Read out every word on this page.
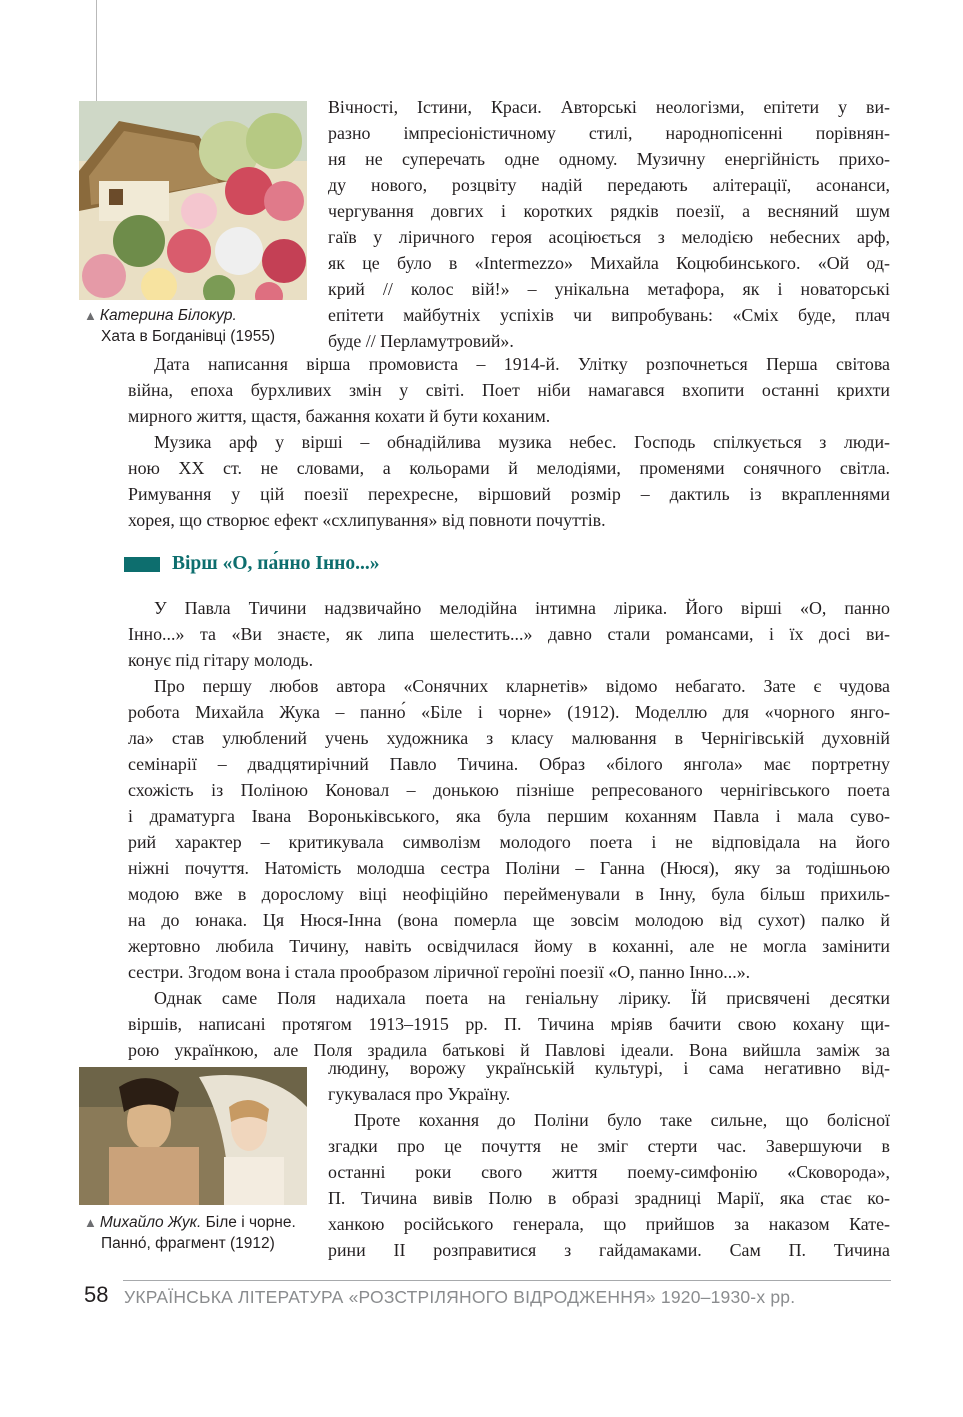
▲ Катерина Білокур.
Хата в Богданівці (1955)
Вічності, Істини, Краси. Авторські неологізми, епітети у ви-
разно імпресіоністичному стилі, народнопісенні порівнян-
ня не суперечать одне одному. Музичну енергійність прихо-
ду нового, розцвіту надій передають алітерації, асонанси,
чергування довгих і коротких рядків поезії, а весняний шум
гаїв у ліричного героя асоціюється з мелодією небесних арф,
як це було в «Intermezzo» Михайла Коцюбинського. «Ой од-
крий // колос вій!» – унікальна метафора, як і новаторські
епітети майбутніх успіхів чи випробувань: «Сміх буде, плач
буде // Перламутровий».
Дата написання вірша промовиста – 1914-й. Улітку розпочнеться Перша світова
війна, епоха бурхливих змін у світі. Поет ніби намагався вхопити останні крихти
мирного життя, щастя, бажання кохати й бути коханим.
Музика арф у вірші – обнадійлива музика небес. Господь спілкується з люди-
ною ХХ ст. не словами, а кольорами й мелодіями, променями сонячного світла.
Римування у цій поезії перехресне, віршовий розмір – дактиль із вкрапленнями
хорея, що створює ефект «схлипування» від повноти почуттів.
Вірш «О, па́нно Інно...»
У Павла Тичини надзвичайно мелодійна інтимна лірика. Його вірші «О, панно
Інно...» та «Ви знаєте, як липа шелестить...» давно стали романсами, і їх досі ви-
конує під гітару молодь.
Про першу любов автора «Сонячних кларнетів» відомо небагато. Зате є чудова
робота Михайла Жука – панно́ «Біле і чорне» (1912). Моделлю для «чорного янго-
ла» став улюблений учень художника з класу малювання в Чернігівській духовній
семінарії – двадцятирічний Павло Тичина. Образ «білого янгола» має портретну
схожість із Поліною Коновал – донькою пізніше репресованого чернігівського поета
і драматурга Івана Вороньківського, яка була першим коханням Павла і мала суво-
рий характер – критикувала символізм молодого поета і не відповідала на його
ніжні почуття. Натомість молодша сестра Поліни – Ганна (Нюся), яку за тодішньою
модою вже в дорослому віці неофіційно перейменували в Інну, була більш прихиль-
на до юнака. Ця Нюся-Інна (вона померла ще зовсім молодою від сухот) палко й
жертовно любила Тичину, навіть освідчилася йому в коханні, але не могла замінити
сестри. Згодом вона і стала прообразом ліричної героїні поезії «О, панно Інно...».
Однак саме Поля надихала поета на геніальну лірику. Їй присвячені десятки
віршів, написані протягом 1913–1915 рр. П. Тичина мріяв бачити свою кохану щи-
рою українкою, але Поля зрадила батькові й Павлові ідеали. Вона вийшла заміж за
▲ Михайло Жук. Біле і чорне.
Панно́, фрагмент (1912)
людину, ворожу українській культурі, і сама негативно від-
гукувалася про Україну.
Проте кохання до Поліни було таке сильне, що болісної
згадки про це почуття не зміг стерти час. Завершуючи в
останні роки свого життя поему-симфонію «Сковорода»,
П. Тичина вивів Полю в образі зрадниці Марії, яка стає ко-
ханкою російського генерала, що прийшов за наказом Кате-
рини ІІ розправитися з гайдамаками. Сам П. Тичина
58 УКРАЇНСЬКА ЛІТЕРАТУРА «РОЗСТРІЛЯНОГО ВІДРОДЖЕННЯ» 1920–1930-х рр.
